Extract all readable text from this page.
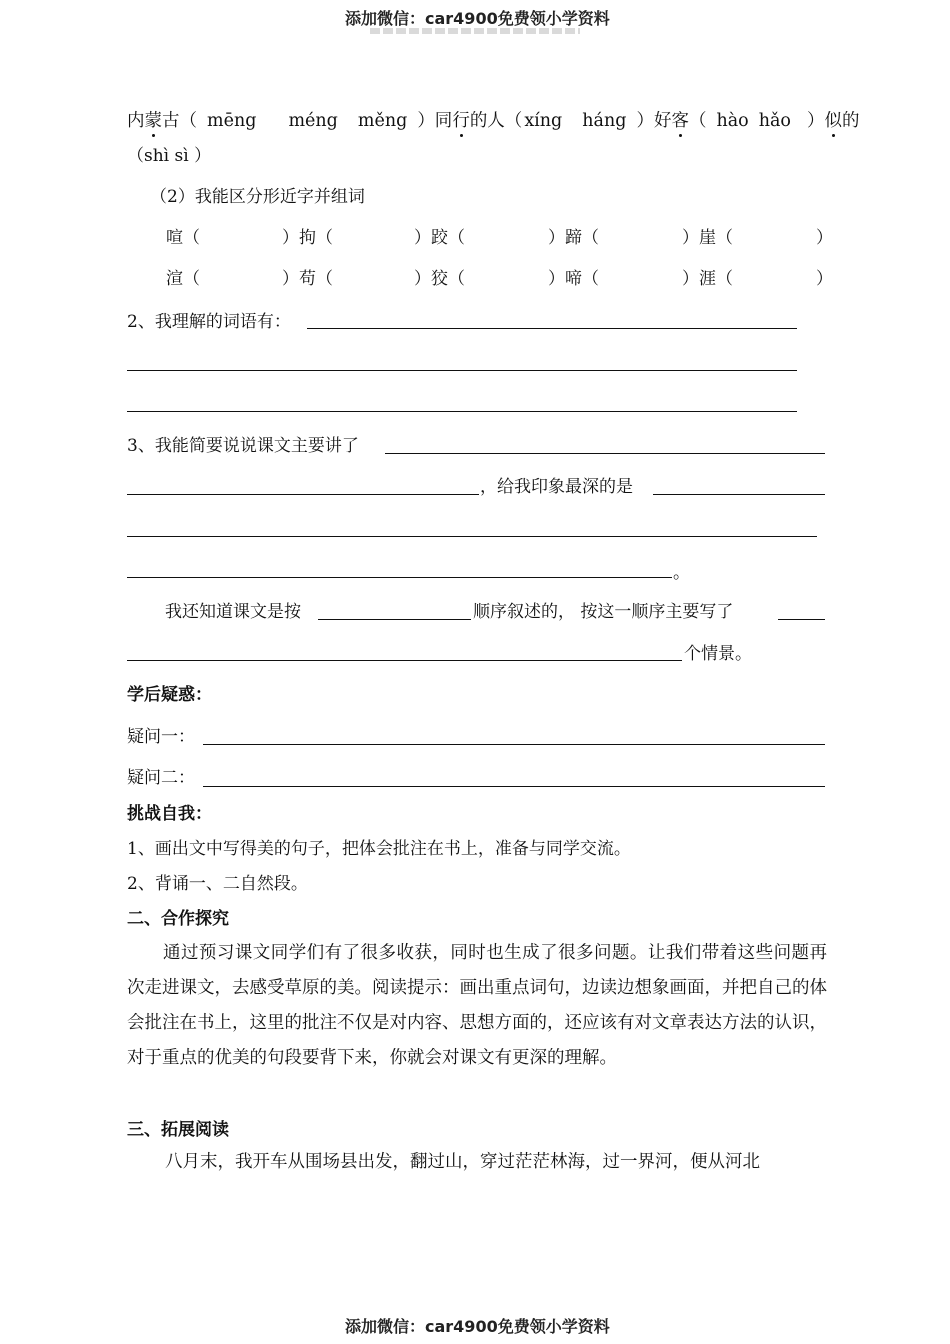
添加微信：car4900免费领小学资料
内蒙古（ mēng méng měng ）同行的人（ xíng háng ）好客（ hào hǎo ）似的
（shì sì ）
（2）我能区分形近字并组词
喧（	）拘（	）跤（	）蹄（	）崖（	）
渲（	）苟（	）狡（	）啼（	）涯（	）
2、我理解的词语有：
3、我能简要说说课文主要讲了
，给我印象最深的是
。
我还知道课文是按	顺序叙述的， 按这一顺序主要写了
个情景。
学后疑惑：
疑问一：
疑问二：
挑战自我：
1、画出文中写得美的句子，把体会批注在书上，准备与同学交流。
2、背诵一、二自然段。
二、合作探究
通过预习课文同学们有了很多收获，同时也生成了很多问题。让我们带着这些问题再次走进课文，去感受草原的美。阅读提示：画出重点词句，边读边想象画面，并把自己的体会批注在书上，这里的批注不仅是对内容、思想方面的，还应该有对文章表达方法的认识，对于重点的优美的句段要背下来，你就会对课文有更深的理解。
三、拓展阅读
八月末，我开车从围场县出发，翻过山，穿过茫茫林海，过一界河，便从河北
添加微信：car4900免费领小学资料
